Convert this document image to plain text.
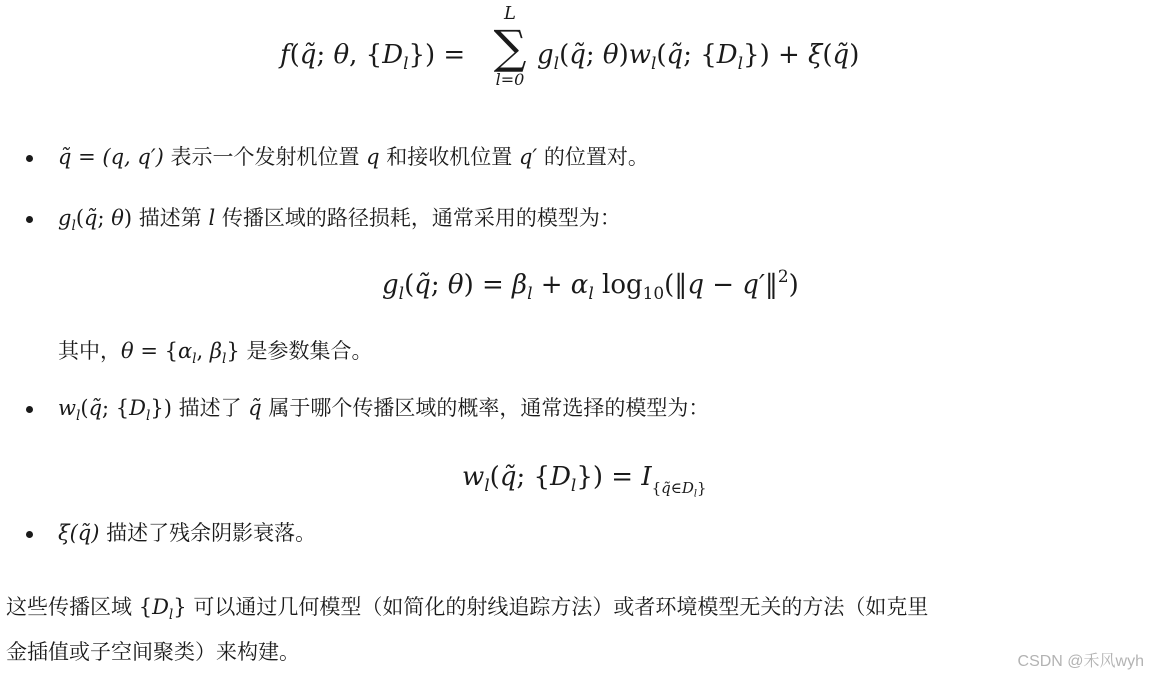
f(q̃; θ, $\{D_l\}$) =
L
∑
l=0
$g_l(q̃$; $\theta)w_l(q̃$; $\{D_l\}$) + ξ(q̃)
q̃ = (q, q′) 表示一个发射机位置 q 和接收机位置 q′ 的位置对。
$g_l(q̃$; θ) 描述第 l 传播区域的路径损耗，通常采用的模型为：
$g_l(q̃$; $\theta) = \beta_l + \alpha_l$ $\log_{10}(‖q$ − q′‖$^2$)
其中，$\theta = \{\alpha_l$, $\beta_l$} 是参数集合。
$w_l(q̃$; $\{D_l\}$) 描述了 q̃ 属于哪个传播区域的概率，通常选择的模型为：
$w_l(q̃$; $\{D_l\}) = I_{\{q̃\in D_l\}}$
ξ(q̃) 描述了残余阴影衰落。
这些传播区域 $\{D_l\}$ 可以通过几何模型（如简化的射线追踪方法）或者环境模型无关的方法（如克里
金插值或子空间聚类）来构建。	CSDN @禾风wyh
